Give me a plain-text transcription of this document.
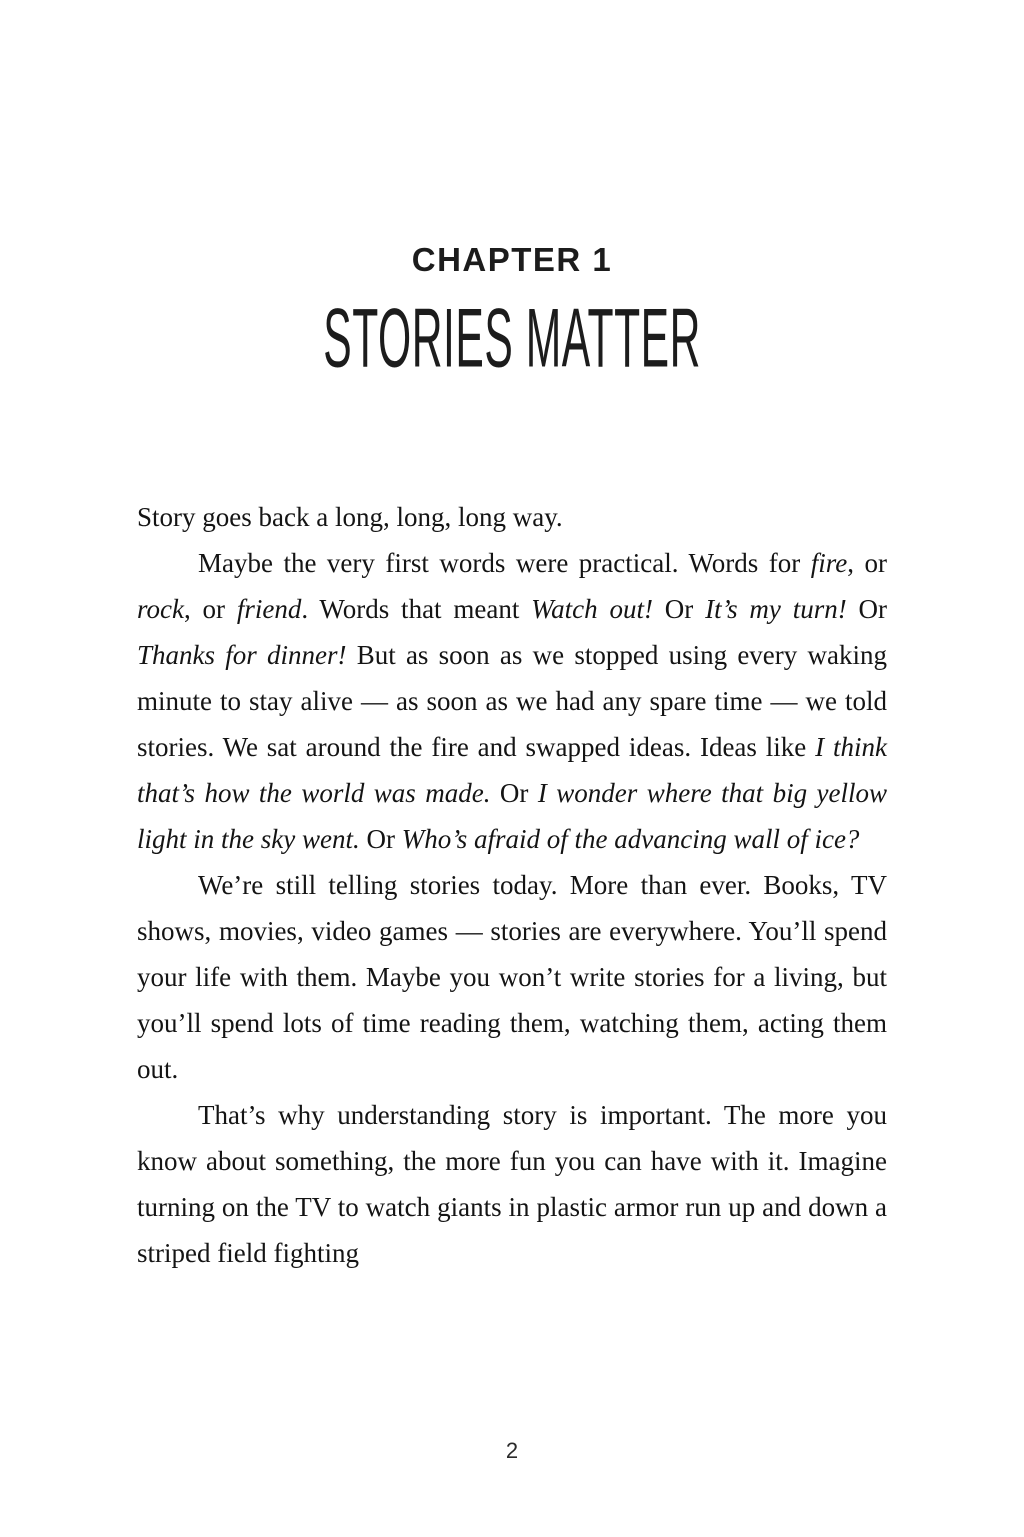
CHAPTER 1
STORIES MATTER

Story goes back a long, long, long way.

Maybe the very first words were practical. Words for fire, or rock, or friend. Words that meant Watch out! Or It’s my turn! Or Thanks for dinner! But as soon as we stopped using every waking minute to stay alive — as soon as we had any spare time — we told stories. We sat around the fire and swapped ideas. Ideas like I think that’s how the world was made. Or I wonder where that big yellow light in the sky went. Or Who’s afraid of the advancing wall of ice?

We’re still telling stories today. More than ever. Books, TV shows, movies, video games — stories are everywhere. You’ll spend your life with them. Maybe you won’t write stories for a living, but you’ll spend lots of time reading them, watching them, acting them out.

That’s why understanding story is important. The more you know about something, the more fun you can have with it. Imagine turning on the TV to watch giants in plastic armor run up and down a striped field fighting

2
